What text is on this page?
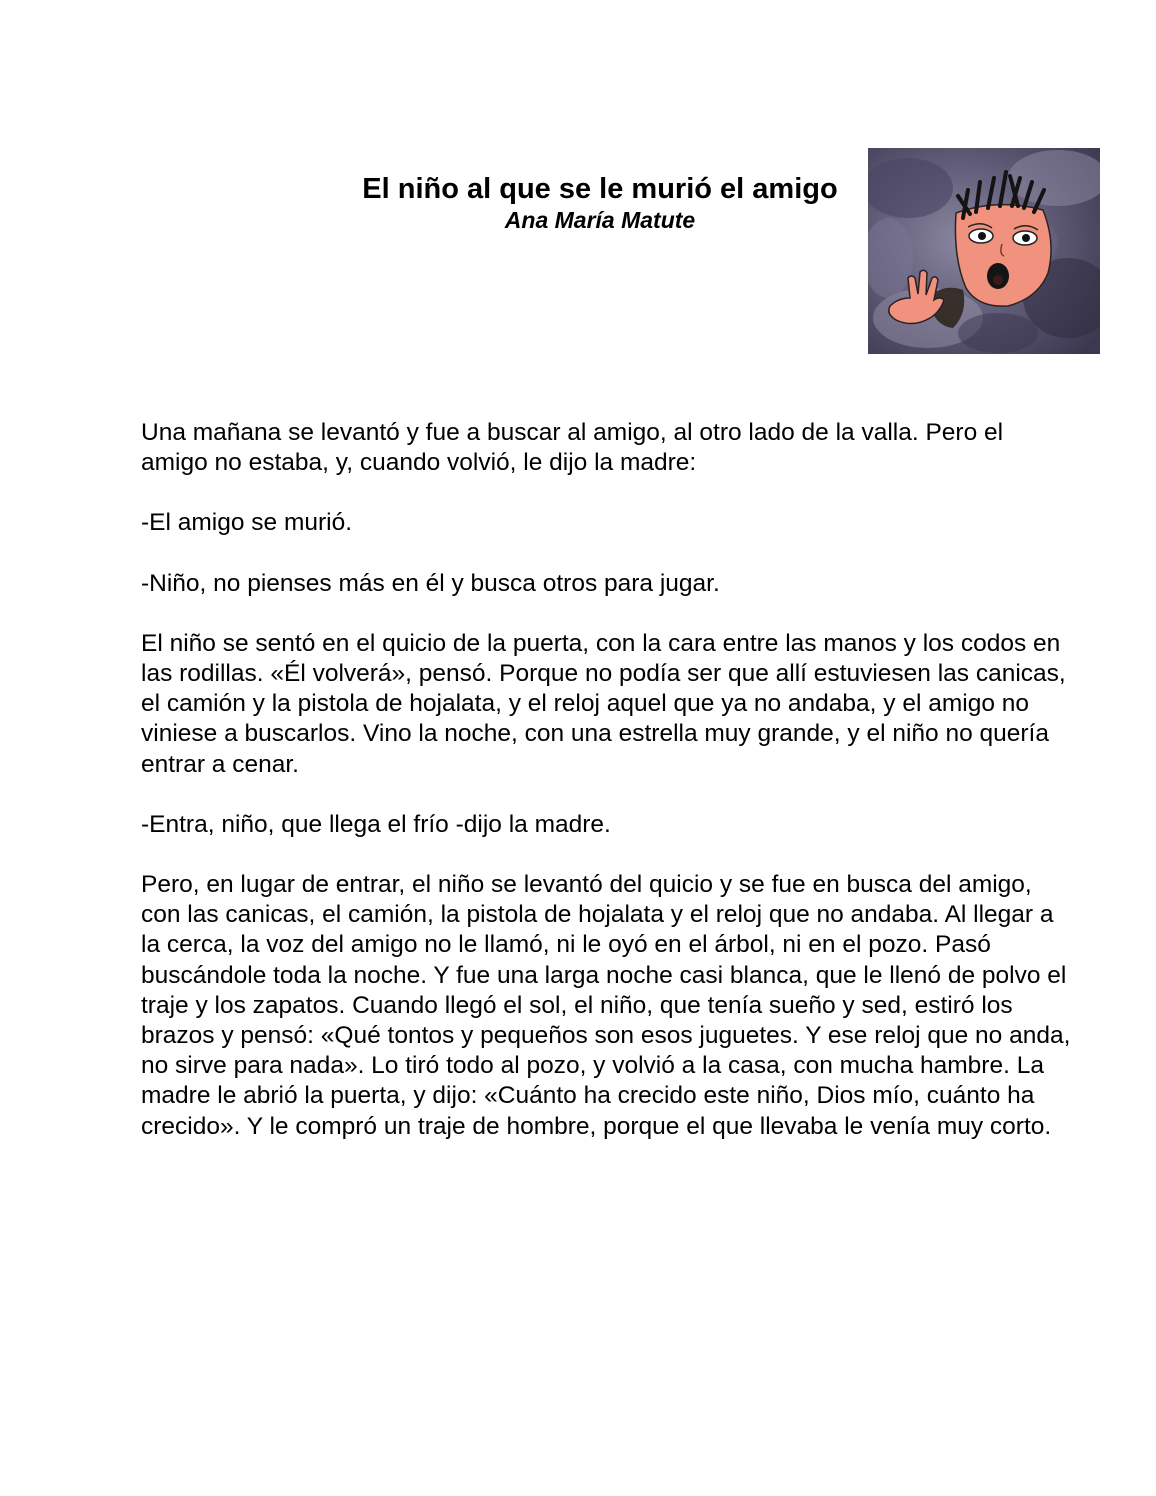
El niño al que se le murió el amigo
Ana María Matute

Una mañana se levantó y fue a buscar al amigo, al otro lado de la valla. Pero el amigo no estaba, y, cuando volvió, le dijo la madre:

-El amigo se murió.

-Niño, no pienses más en él y busca otros para jugar.

El niño se sentó en el quicio de la puerta, con la cara entre las manos y los codos en las rodillas. «Él volverá», pensó. Porque no podía ser que allí estuviesen las canicas, el camión y la pistola de hojalata, y el reloj aquel que ya no andaba, y el amigo no viniese a buscarlos. Vino la noche, con una estrella muy grande, y el niño no quería entrar a cenar.

-Entra, niño, que llega el frío -dijo la madre.

Pero, en lugar de entrar, el niño se levantó del quicio y se fue en busca del amigo, con las canicas, el camión, la pistola de hojalata y el reloj que no andaba. Al llegar a la cerca, la voz del amigo no le llamó, ni le oyó en el árbol, ni en el pozo. Pasó buscándole toda la noche. Y fue una larga noche casi blanca, que le llenó de polvo el traje y los zapatos. Cuando llegó el sol, el niño, que tenía sueño y sed, estiró los brazos y pensó: «Qué tontos y pequeños son esos juguetes. Y ese reloj que no anda, no sirve para nada». Lo tiró todo al pozo, y volvió a la casa, con mucha hambre. La madre le abrió la puerta, y dijo: «Cuánto ha crecido este niño, Dios mío, cuánto ha crecido». Y le compró un traje de hombre, porque el que llevaba le venía muy corto.
